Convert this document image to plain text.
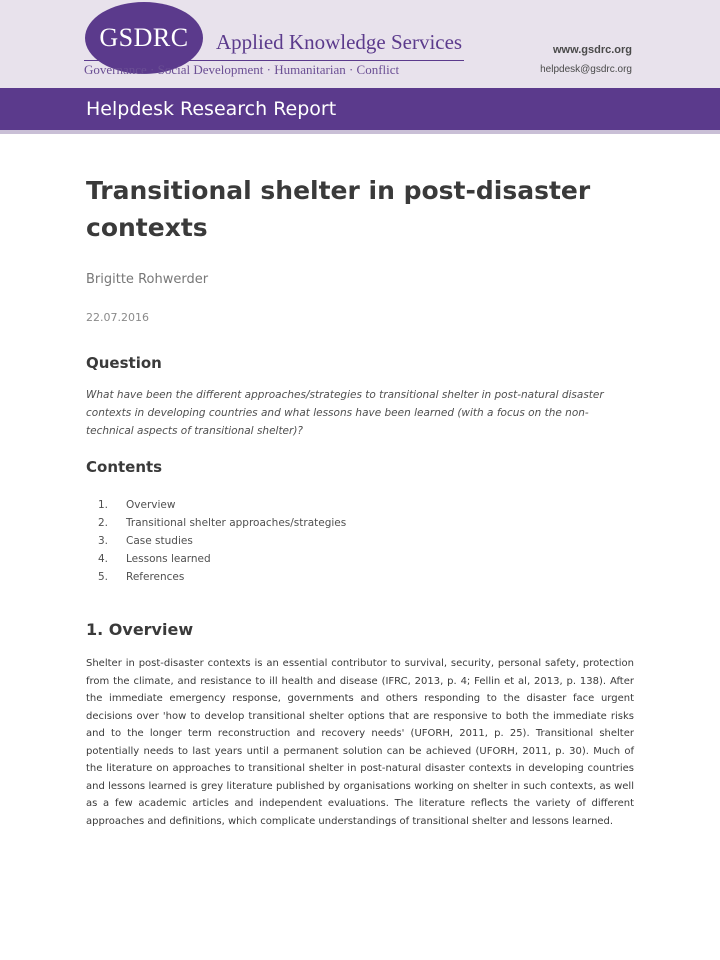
GSDRC Applied Knowledge Services
Governance · Social Development · Humanitarian · Conflict
www.gsdrc.org
helpdesk@gsdrc.org
Helpdesk Research Report
Transitional shelter in post-disaster contexts
Brigitte Rohwerder
22.07.2016
Question
What have been the different approaches/strategies to transitional shelter in post-natural disaster contexts in developing countries and what lessons have been learned (with a focus on the non-technical aspects of transitional shelter)?
Contents
1.	Overview
2.	Transitional shelter approaches/strategies
3.	Case studies
4.	Lessons learned
5.	References
1. Overview
Shelter in post-disaster contexts is an essential contributor to survival, security, personal safety, protection from the climate, and resistance to ill health and disease (IFRC, 2013, p. 4; Fellin et al, 2013, p. 138). After the immediate emergency response, governments and others responding to the disaster face urgent decisions over 'how to develop transitional shelter options that are responsive to both the immediate risks and to the longer term reconstruction and recovery needs' (UFORH, 2011, p. 25). Transitional shelter potentially needs to last years until a permanent solution can be achieved (UFORH, 2011, p. 30). Much of the literature on approaches to transitional shelter in post-natural disaster contexts in developing countries and lessons learned is grey literature published by organisations working on shelter in such contexts, as well as a few academic articles and independent evaluations. The literature reflects the variety of different approaches and definitions, which complicate understandings of transitional shelter and lessons learned.
